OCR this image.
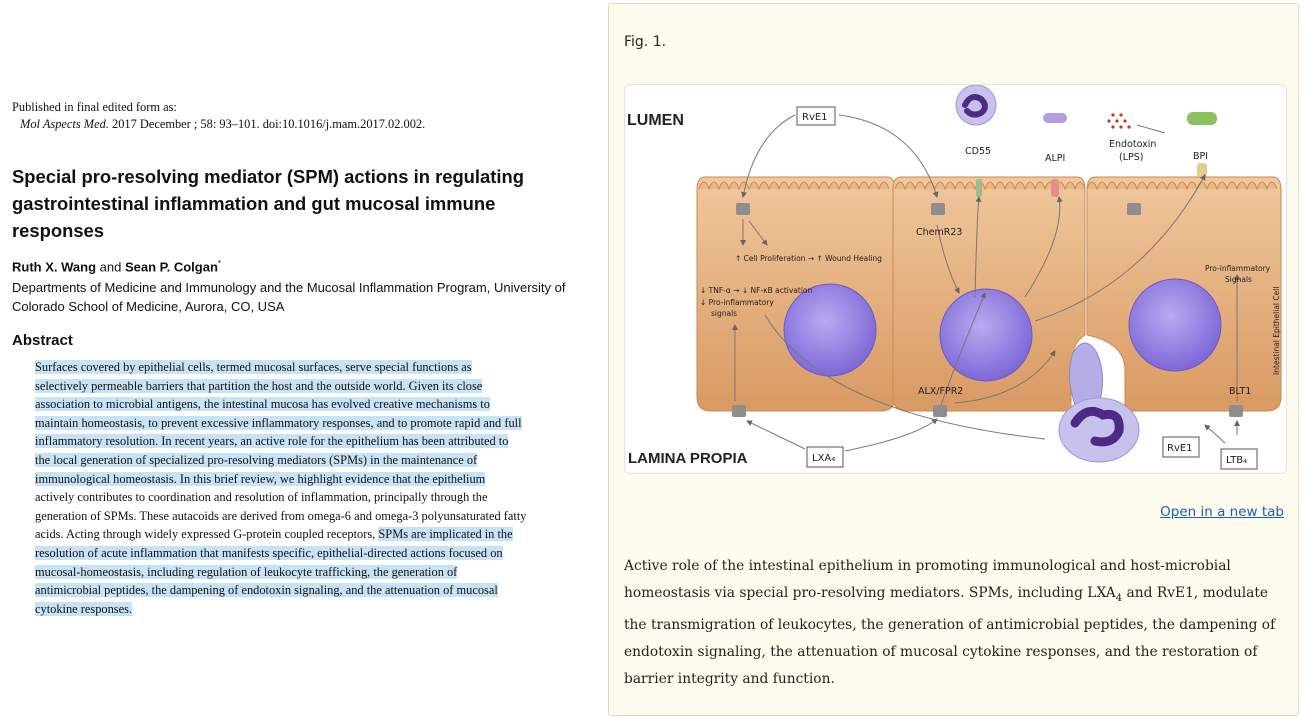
Published in final edited form as:
Mol Aspects Med. 2017 December ; 58: 93–101. doi:10.1016/j.mam.2017.02.002.
Special pro-resolving mediator (SPM) actions in regulating gastrointestinal inflammation and gut mucosal immune responses
Ruth X. Wang and Sean P. Colgan*
Departments of Medicine and Immunology and the Mucosal Inflammation Program, University of Colorado School of Medicine, Aurora, CO, USA
Abstract
Surfaces covered by epithelial cells, termed mucosal surfaces, serve special functions as
selectively permeable barriers that partition the host and the outside world. Given its close
association to microbial antigens, the intestinal mucosa has evolved creative mechanisms to
maintain homeostasis, to prevent excessive inflammatory responses, and to promote rapid and full
inflammatory resolution. In recent years, an active role for the epithelium has been attributed to
the local generation of specialized pro-resolving mediators (SPMs) in the maintenance of
immunological homeostasis. In this brief review, we highlight evidence that the epithelium
actively contributes to coordination and resolution of inflammation, principally through the
generation of SPMs. These autacoids are derived from omega-6 and omega-3 polyunsaturated fatty
acids. Acting through widely expressed G-protein coupled receptors, SPMs are implicated in the
resolution of acute inflammation that manifests specific, epithelial-directed actions focused on
mucosal-homeostasis, including regulation of leukocyte trafficking, the generation of
antimicrobial peptides, the dampening of endotoxin signaling, and the attenuation of mucosal
cytokine responses.
Fig. 1.
LUMEN
LAMINA PROPIA
RvE1
CD55
ALPI
Endotoxin
(LPS)	BPI
ChemR23
↑ Cell Proliferation → ↑ Wound Healing
↓ TNF-α → ↓ NF-κB activation
↓ Pro-inflammatory
signals
Pro-inflammatory
Signals
Intestinal Epithelial Cell
ALX/FPR2	BLT1
LXA₄
RvE1
LTB₄
Open in a new tab
Active role of the intestinal epithelium in promoting immunological and host-microbial homeostasis via special pro-resolving mediators. SPMs, including $LXA_4$ and RvE1, modulate the transmigration of leukocytes, the generation of antimicrobial peptides, the dampening of endotoxin signaling, the attenuation of mucosal cytokine responses, and the restoration of barrier integrity and function.
